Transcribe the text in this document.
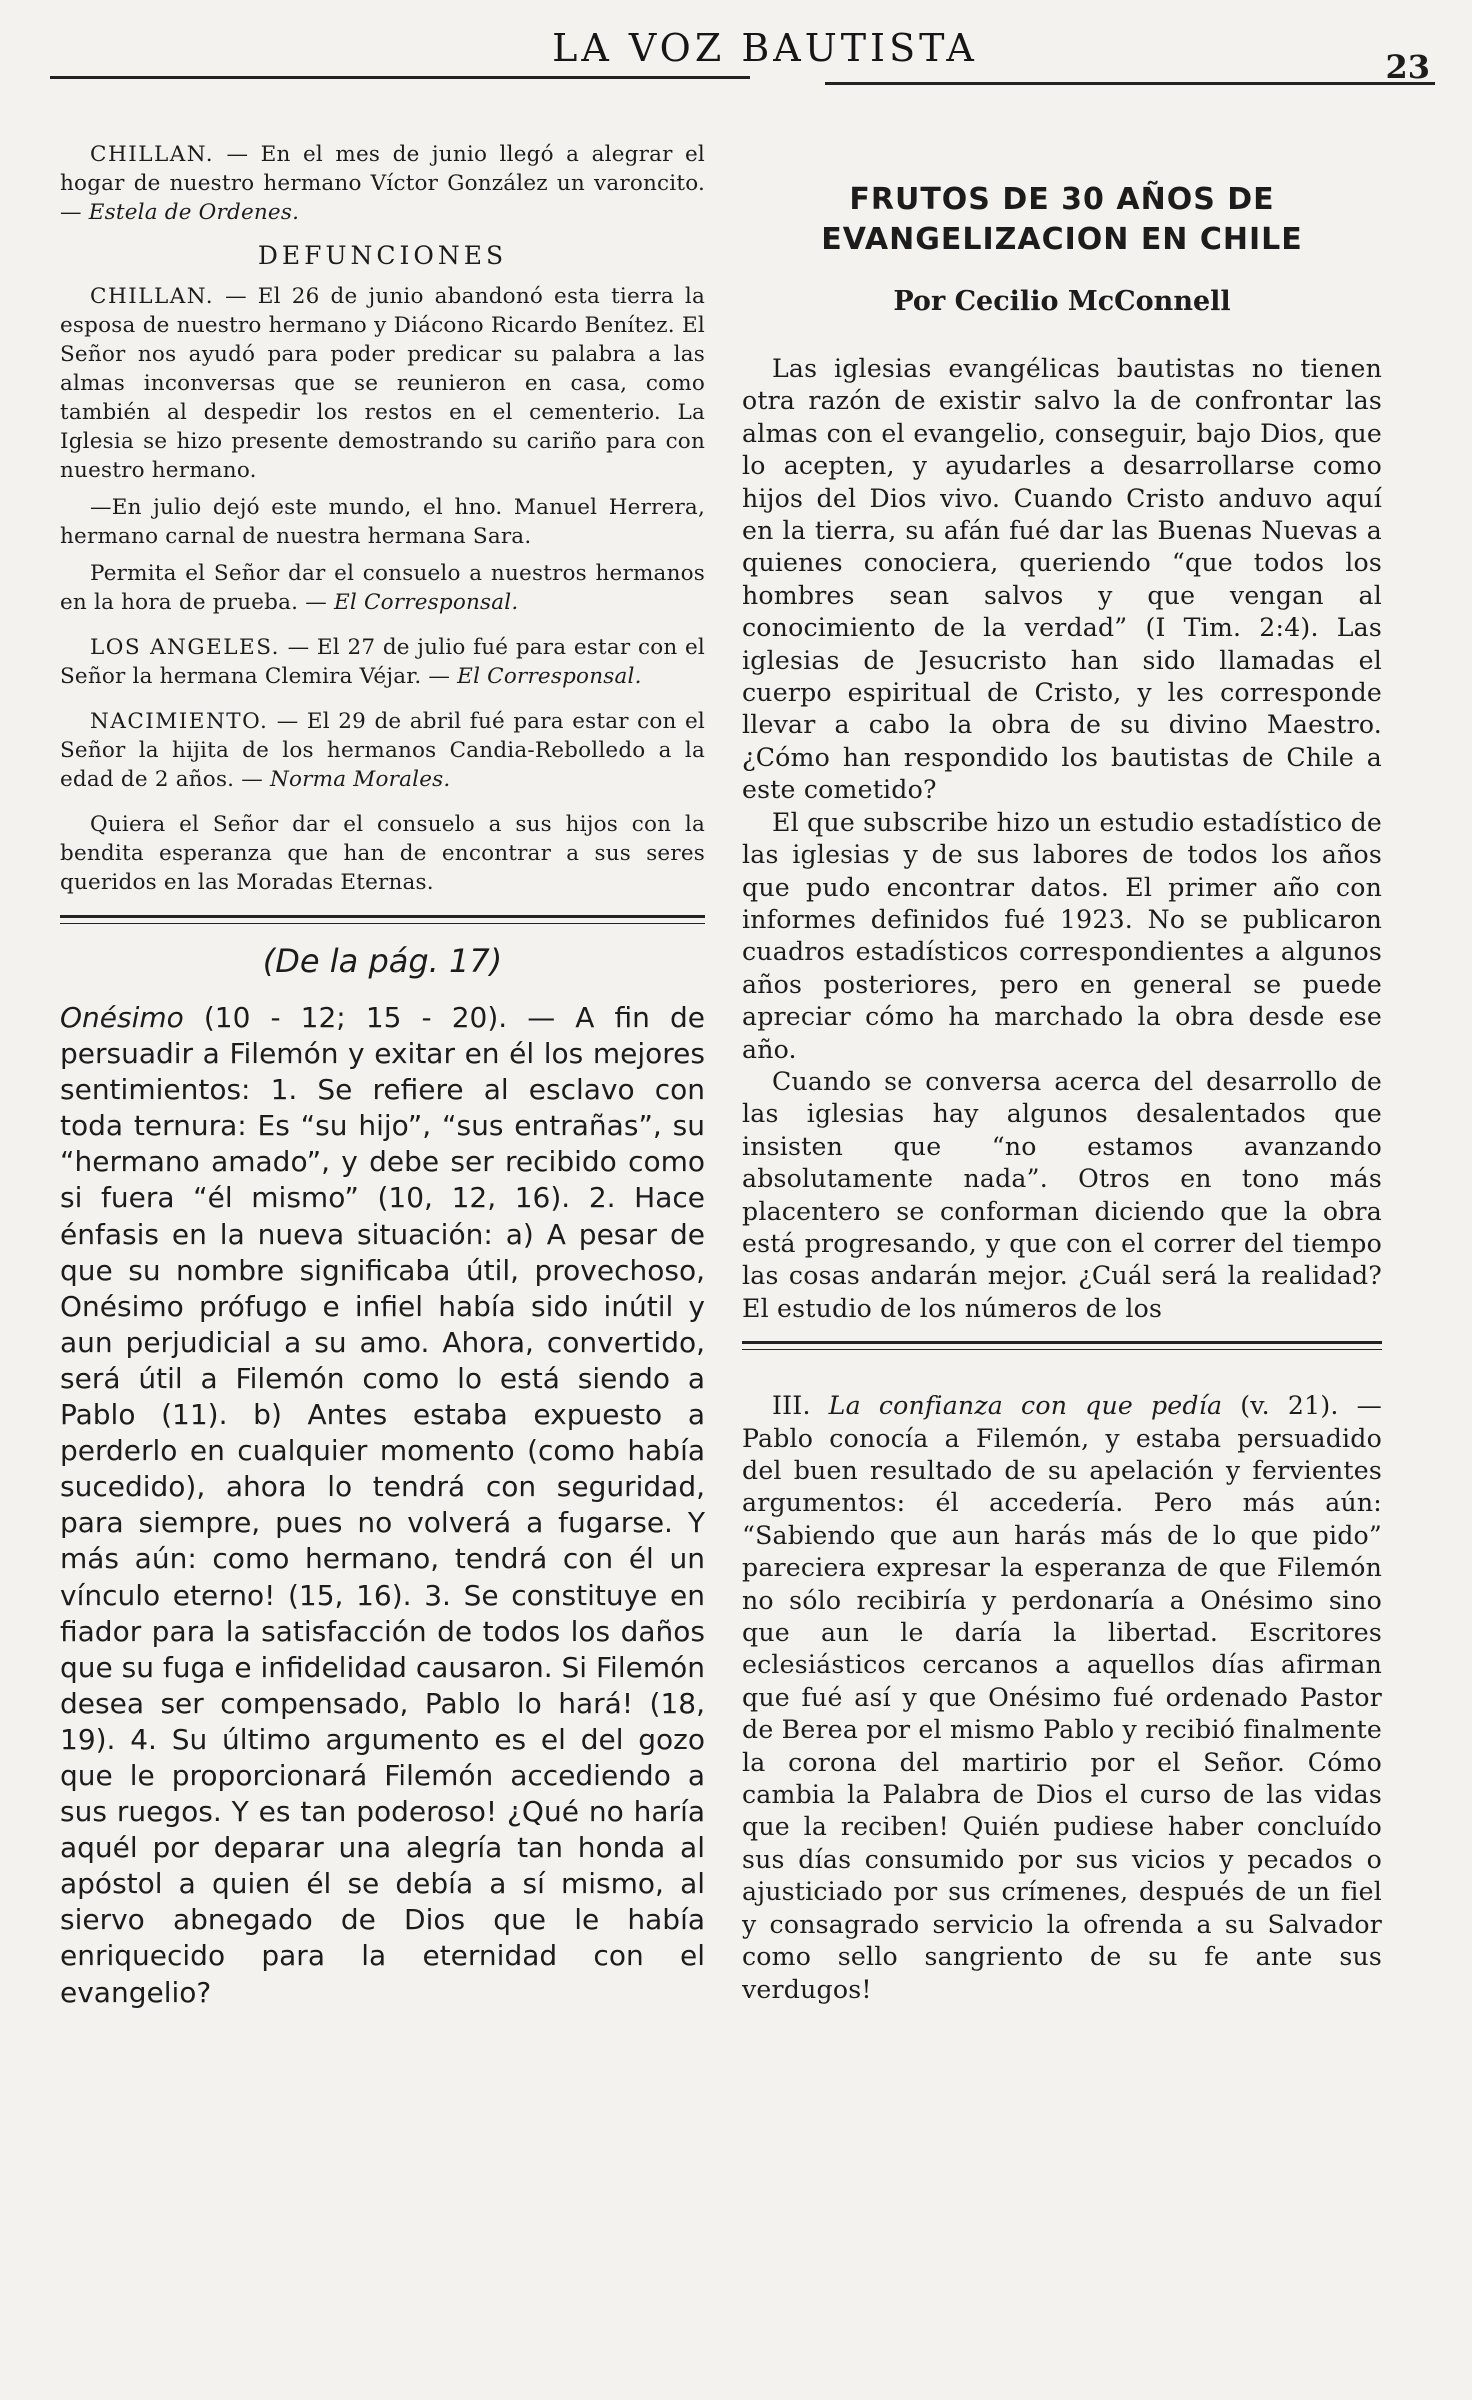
LA VOZ BAUTISTA	23

CHILLAN. — En el mes de junio llegó a alegrar el hogar de nuestro hermano Víctor González un varoncito. — Estela de Ordenes.

DEFUNCIONES

CHILLAN. — El 26 de junio abandonó esta tierra la esposa de nuestro hermano y Diácono Ricardo Benítez. El Señor nos ayudó para poder predicar su palabra a las almas inconversas que se reunieron en casa, como también al despedir los restos en el cementerio. La Iglesia se hizo presente demostrando su cariño para con nuestro hermano.

—En julio dejó este mundo, el hno. Manuel Herrera, hermano carnal de nuestra hermana Sara.

Permita el Señor dar el consuelo a nuestros hermanos en la hora de prueba. — El Corresponsal.

LOS ANGELES. — El 27 de julio fué para estar con el Señor la hermana Clemira Véjar. — El Corresponsal.

NACIMIENTO. — El 29 de abril fué para estar con el Señor la hijita de los hermanos Candia-Rebolledo a la edad de 2 años. — Norma Morales.

Quiera el Señor dar el consuelo a sus hijos con la bendita esperanza que han de encontrar a sus seres queridos en las Moradas Eternas.

(De la pág. 17)

Onésimo (10 - 12; 15 - 20). — A fin de persuadir a Filemón y exitar en él los mejores sentimientos: 1. Se refiere al esclavo con toda ternura: Es “su hijo”, “sus entrañas”, su “hermano amado”, y debe ser recibido como si fuera “él mismo” (10, 12, 16). 2. Hace énfasis en la nueva situación: a) A pesar de que su nombre significaba útil, provechoso, Onésimo prófugo e infiel había sido inútil y aun perjudicial a su amo. Ahora, convertido, será útil a Filemón como lo está siendo a Pablo (11). b) Antes estaba expuesto a perderlo en cualquier momento (como había sucedido), ahora lo tendrá con seguridad, para siempre, pues no volverá a fugarse. Y más aún: como hermano, tendrá con él un vínculo eterno! (15, 16). 3. Se constituye en fiador para la satisfacción de todos los daños que su fuga e infidelidad causaron. Si Filemón desea ser compensado, Pablo lo hará! (18, 19). 4. Su último argumento es el del gozo que le proporcionará Filemón accediendo a sus ruegos. Y es tan poderoso! ¿Qué no haría aquél por deparar una alegría tan honda al apóstol a quien él se debía a sí mismo, al siervo abnegado de Dios que le había enriquecido para la eternidad con el evangelio?

FRUTOS DE 30 AÑOS DE EVANGELIZACION EN CHILE
Por Cecilio McConnell

Las iglesias evangélicas bautistas no tienen otra razón de existir salvo la de confrontar las almas con el evangelio, conseguir, bajo Dios, que lo acepten, y ayudarles a desarrollarse como hijos del Dios vivo. Cuando Cristo anduvo aquí en la tierra, su afán fué dar las Buenas Nuevas a quienes conociera, queriendo “que todos los hombres sean salvos y que vengan al conocimiento de la verdad” (I Tim. 2:4). Las iglesias de Jesucristo han sido llamadas el cuerpo espiritual de Cristo, y les corresponde llevar a cabo la obra de su divino Maestro. ¿Cómo han respondido los bautistas de Chile a este cometido?

El que subscribe hizo un estudio estadístico de las iglesias y de sus labores de todos los años que pudo encontrar datos. El primer año con informes definidos fué 1923. No se publicaron cuadros estadísticos correspondientes a algunos años posteriores, pero en general se puede apreciar cómo ha marchado la obra desde ese año.

Cuando se conversa acerca del desarrollo de las iglesias hay algunos desalentados que insisten que “no estamos avanzando absolutamente nada”. Otros en tono más placentero se conforman diciendo que la obra está progresando, y que con el correr del tiempo las cosas andarán mejor. ¿Cuál será la realidad? El estudio de los números de los

III. La confianza con que pedía (v. 21). — Pablo conocía a Filemón, y estaba persuadido del buen resultado de su apelación y fervientes argumentos: él accedería. Pero más aún: “Sabiendo que aun harás más de lo que pido” pareciera expresar la esperanza de que Filemón no sólo recibiría y perdonaría a Onésimo sino que aun le daría la libertad. Escritores eclesiásticos cercanos a aquellos días afirman que fué así y que Onésimo fué ordenado Pastor de Berea por el mismo Pablo y recibió finalmente la corona del martirio por el Señor. Cómo cambia la Palabra de Dios el curso de las vidas que la reciben! Quién pudiese haber concluído sus días consumido por sus vicios y pecados o ajusticiado por sus crímenes, después de un fiel y consagrado servicio la ofrenda a su Salvador como sello sangriento de su fe ante sus verdugos!
